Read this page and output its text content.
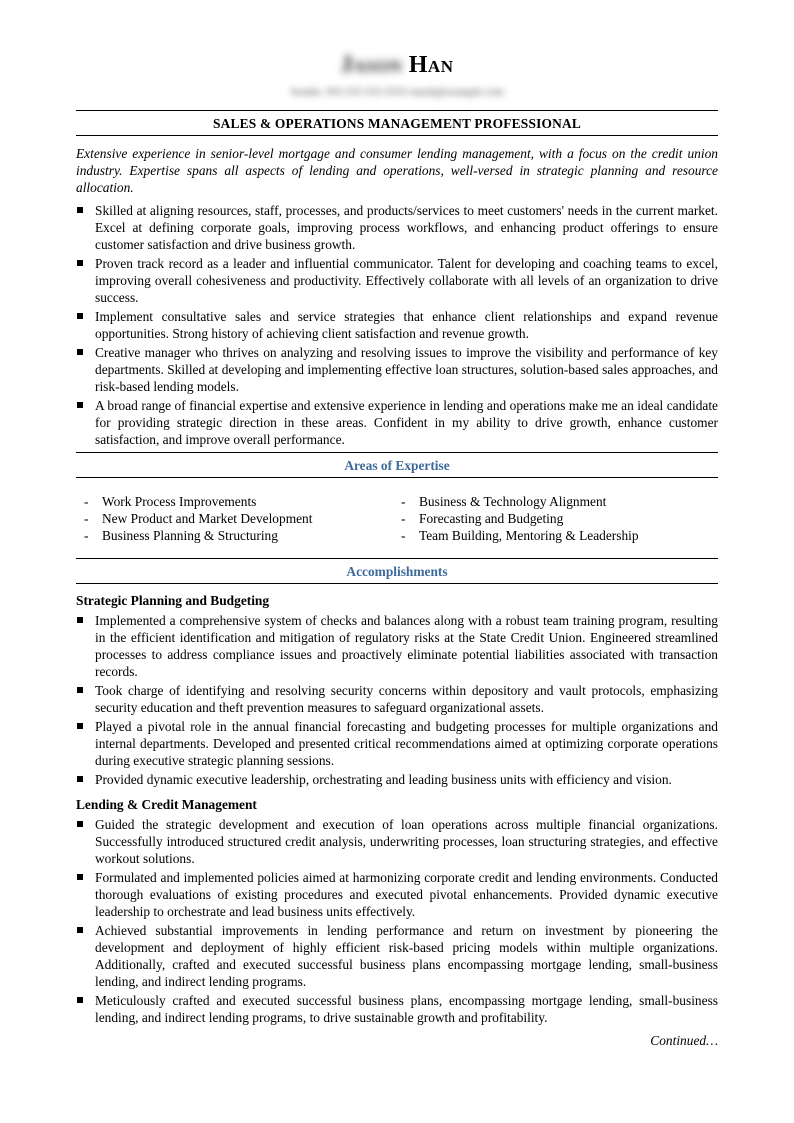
Jason Han
Seattle, WA 555-555-5555 email@example.com
SALES & OPERATIONS MANAGEMENT PROFESSIONAL
Extensive experience in senior-level mortgage and consumer lending management, with a focus on the credit union industry. Expertise spans all aspects of lending and operations, well-versed in strategic planning and resource allocation.
Skilled at aligning resources, staff, processes, and products/services to meet customers' needs in the current market. Excel at defining corporate goals, improving process workflows, and enhancing product offerings to ensure customer satisfaction and drive business growth.
Proven track record as a leader and influential communicator. Talent for developing and coaching teams to excel, improving overall cohesiveness and productivity. Effectively collaborate with all levels of an organization to drive success.
Implement consultative sales and service strategies that enhance client relationships and expand revenue opportunities. Strong history of achieving client satisfaction and revenue growth.
Creative manager who thrives on analyzing and resolving issues to improve the visibility and performance of key departments. Skilled at developing and implementing effective loan structures, solution-based sales approaches, and risk-based lending models.
A broad range of financial expertise and extensive experience in lending and operations make me an ideal candidate for providing strategic direction in these areas. Confident in my ability to drive growth, enhance customer satisfaction, and improve overall performance.
Areas of Expertise
- Work Process Improvements
- New Product and Market Development
- Business Planning & Structuring
- Business & Technology Alignment
- Forecasting and Budgeting
- Team Building, Mentoring & Leadership
Accomplishments
Strategic Planning and Budgeting
Implemented a comprehensive system of checks and balances along with a robust team training program, resulting in the efficient identification and mitigation of regulatory risks at the State Credit Union. Engineered streamlined processes to address compliance issues and proactively eliminate potential liabilities associated with transaction records.
Took charge of identifying and resolving security concerns within depository and vault protocols, emphasizing security education and theft prevention measures to safeguard organizational assets.
Played a pivotal role in the annual financial forecasting and budgeting processes for multiple organizations and internal departments. Developed and presented critical recommendations aimed at optimizing corporate operations during executive strategic planning sessions.
Provided dynamic executive leadership, orchestrating and leading business units with efficiency and vision.
Lending & Credit Management
Guided the strategic development and execution of loan operations across multiple financial organizations. Successfully introduced structured credit analysis, underwriting processes, loan structuring strategies, and effective workout solutions.
Formulated and implemented policies aimed at harmonizing corporate credit and lending environments. Conducted thorough evaluations of existing procedures and executed pivotal enhancements. Provided dynamic executive leadership to orchestrate and lead business units effectively.
Achieved substantial improvements in lending performance and return on investment by pioneering the development and deployment of highly efficient risk-based pricing models within multiple organizations. Additionally, crafted and executed successful business plans encompassing mortgage lending, small-business lending, and indirect lending programs.
Meticulously crafted and executed successful business plans, encompassing mortgage lending, small-business lending, and indirect lending programs, to drive sustainable growth and profitability.
Continued…
